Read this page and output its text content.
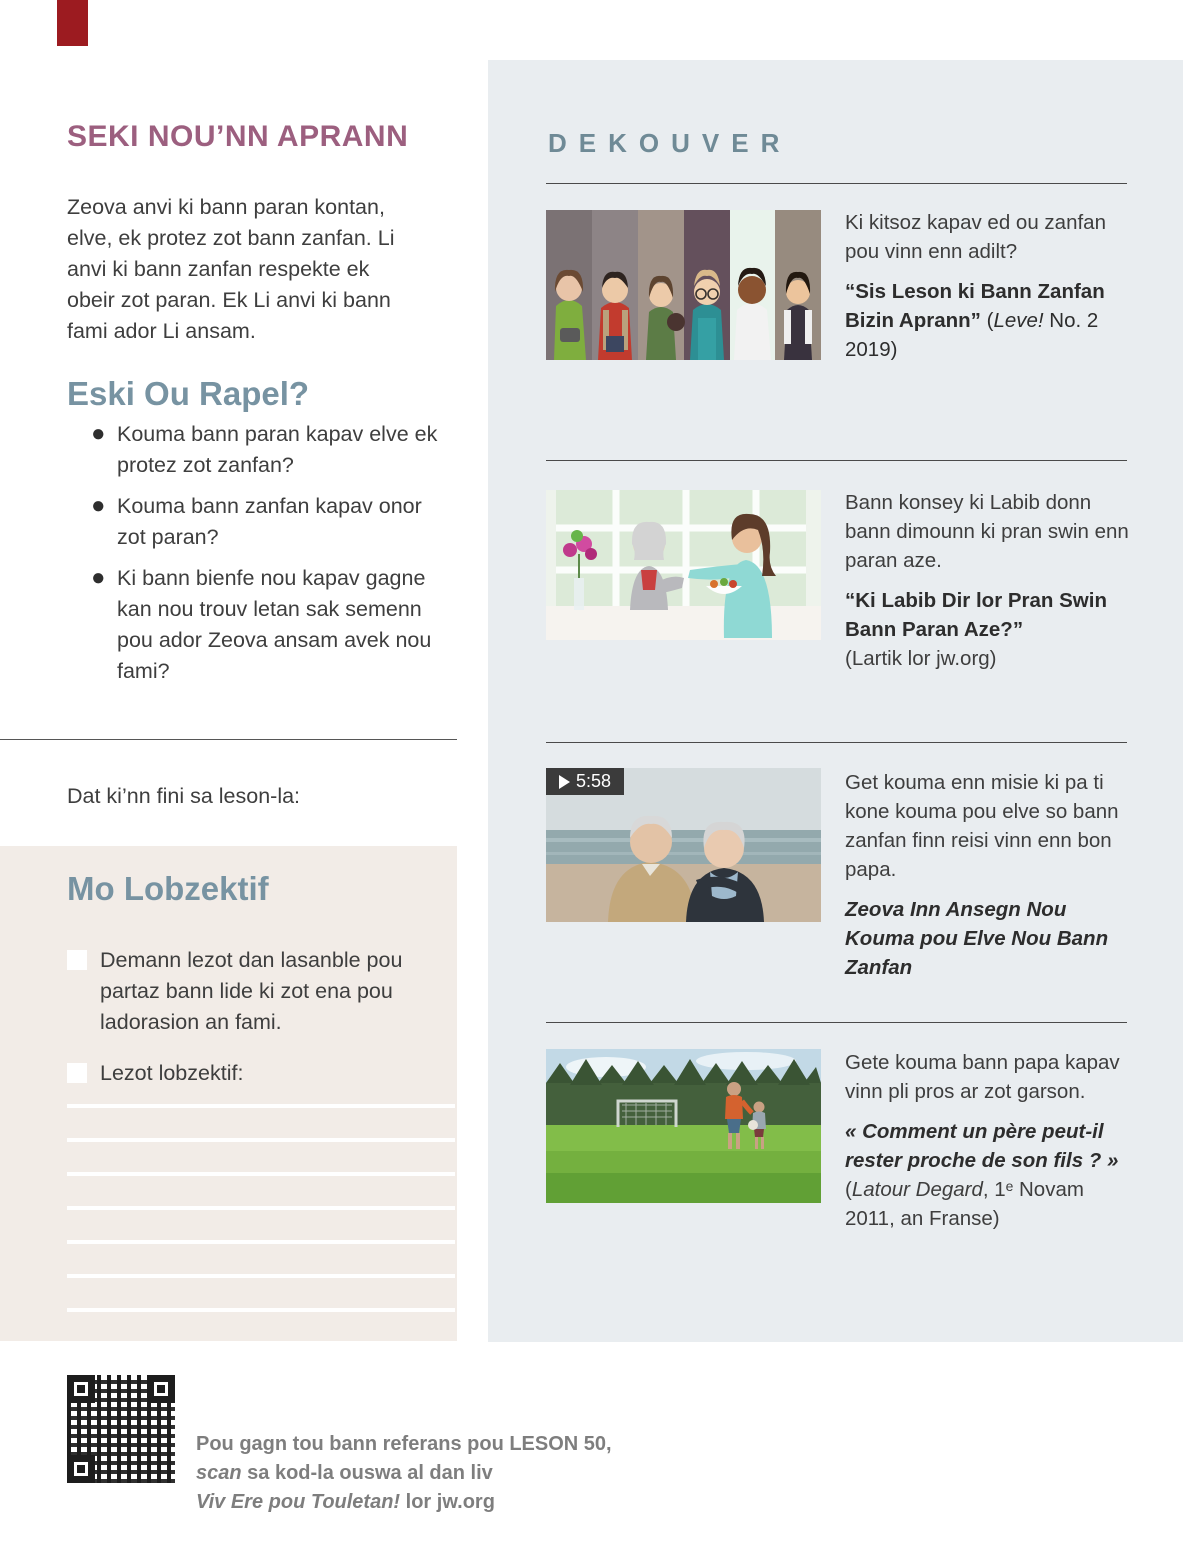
SEKI NOU’NN APRANN

Zeova anvi ki bann paran kontan, elve, ek protez zot bann zanfan. Li anvi ki bann zanfan respekte ek obeir zot paran. Ek Li anvi ki bann fami ador Li ansam.

Eski Ou Rapel?
● Kouma bann paran kapav elve ek protez zot zanfan?
● Kouma bann zanfan kapav onor zot paran?
● Ki bann bienfe nou kapav gagne kan nou trouv letan sak semenn pou ador Zeova ansam avek nou fami?

Dat ki’nn fini sa leson-la:

Mo Lobzektif
Demann lezot dan lasanble pou partaz bann lide ki zot ena pou ladorasion an fami.
Lezot lobzektif:

Pou gagn tou bann referans pou LESON 50,
scan sa kod-la ouswa al dan liv
Viv Ere pou Touletan! lor jw.org

DEKOUVER

Ki kitsoz kapav ed ou zanfan pou vinn enn adilt?

“Sis Leson ki Bann Zanfan Bizin Aprann” (Leve! No. 2 2019)

Bann konsey ki Labib donn bann dimounn ki pran swin enn paran aze.

“Ki Labib Dir lor Pran Swin Bann Paran Aze?”
(Lartik lor jw.org)

5:58	Get kouma enn misie ki pa ti kone kouma pou elve so bann zanfan finn reisi vinn enn bon papa.

Zeova Inn Ansegn Nou Kouma pou Elve Nou Bann Zanfan

Gete kouma bann papa kapav vinn pli pros ar zot garson.

« Comment un père peut-il rester proche de son fils ? »
(Latour Degard, 1ᵉ Novam 2011, an Franse)
